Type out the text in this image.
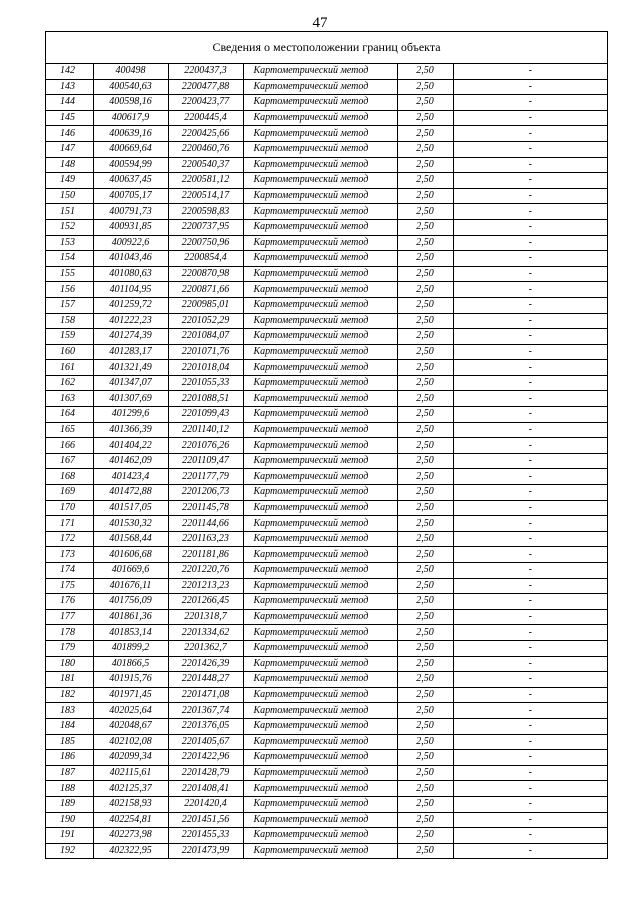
47
Сведения о местоположении границ объекта
142	400498	2200437,3	Картометрический метод	2,50	-
143	400540,63	2200477,88	Картометрический метод	2,50	-
144	400598,16	2200423,77	Картометрический метод	2,50	-
145	400617,9	2200445,4	Картометрический метод	2,50	-
146	400639,16	2200425,66	Картометрический метод	2,50	-
147	400669,64	2200460,76	Картометрический метод	2,50	-
148	400594,99	2200540,37	Картометрический метод	2,50	-
149	400637,45	2200581,12	Картометрический метод	2,50	-
150	400705,17	2200514,17	Картометрический метод	2,50	-
151	400791,73	2200598,83	Картометрический метод	2,50	-
152	400931,85	2200737,95	Картометрический метод	2,50	-
153	400922,6	2200750,96	Картометрический метод	2,50	-
154	401043,46	2200854,4	Картометрический метод	2,50	-
155	401080,63	2200870,98	Картометрический метод	2,50	-
156	401104,95	2200871,66	Картометрический метод	2,50	-
157	401259,72	2200985,01	Картометрический метод	2,50	-
158	401222,23	2201052,29	Картометрический метод	2,50	-
159	401274,39	2201084,07	Картометрический метод	2,50	-
160	401283,17	2201071,76	Картометрический метод	2,50	-
161	401321,49	2201018,04	Картометрический метод	2,50	-
162	401347,07	2201055,33	Картометрический метод	2,50	-
163	401307,69	2201088,51	Картометрический метод	2,50	-
164	401299,6	2201099,43	Картометрический метод	2,50	-
165	401366,39	2201140,12	Картометрический метод	2,50	-
166	401404,22	2201076,26	Картометрический метод	2,50	-
167	401462,09	2201109,47	Картометрический метод	2,50	-
168	401423,4	2201177,79	Картометрический метод	2,50	-
169	401472,88	2201206,73	Картометрический метод	2,50	-
170	401517,05	2201145,78	Картометрический метод	2,50	-
171	401530,32	2201144,66	Картометрический метод	2,50	-
172	401568,44	2201163,23	Картометрический метод	2,50	-
173	401606,68	2201181,86	Картометрический метод	2,50	-
174	401669,6	2201220,76	Картометрический метод	2,50	-
175	401676,11	2201213,23	Картометрический метод	2,50	-
176	401756,09	2201266,45	Картометрический метод	2,50	-
177	401861,36	2201318,7	Картометрический метод	2,50	-
178	401853,14	2201334,62	Картометрический метод	2,50	-
179	401899,2	2201362,7	Картометрический метод	2,50	-
180	401866,5	2201426,39	Картометрический метод	2,50	-
181	401915,76	2201448,27	Картометрический метод	2,50	-
182	401971,45	2201471,08	Картометрический метод	2,50	-
183	402025,64	2201367,74	Картометрический метод	2,50	-
184	402048,67	2201376,05	Картометрический метод	2,50	-
185	402102,08	2201405,67	Картометрический метод	2,50	-
186	402099,34	2201422,96	Картометрический метод	2,50	-
187	402115,61	2201428,79	Картометрический метод	2,50	-
188	402125,37	2201408,41	Картометрический метод	2,50	-
189	402158,93	2201420,4	Картометрический метод	2,50	-
190	402254,81	2201451,56	Картометрический метод	2,50	-
191	402273,98	2201455,33	Картометрический метод	2,50	-
192	402322,95	2201473,99	Картометрический метод	2,50	-
